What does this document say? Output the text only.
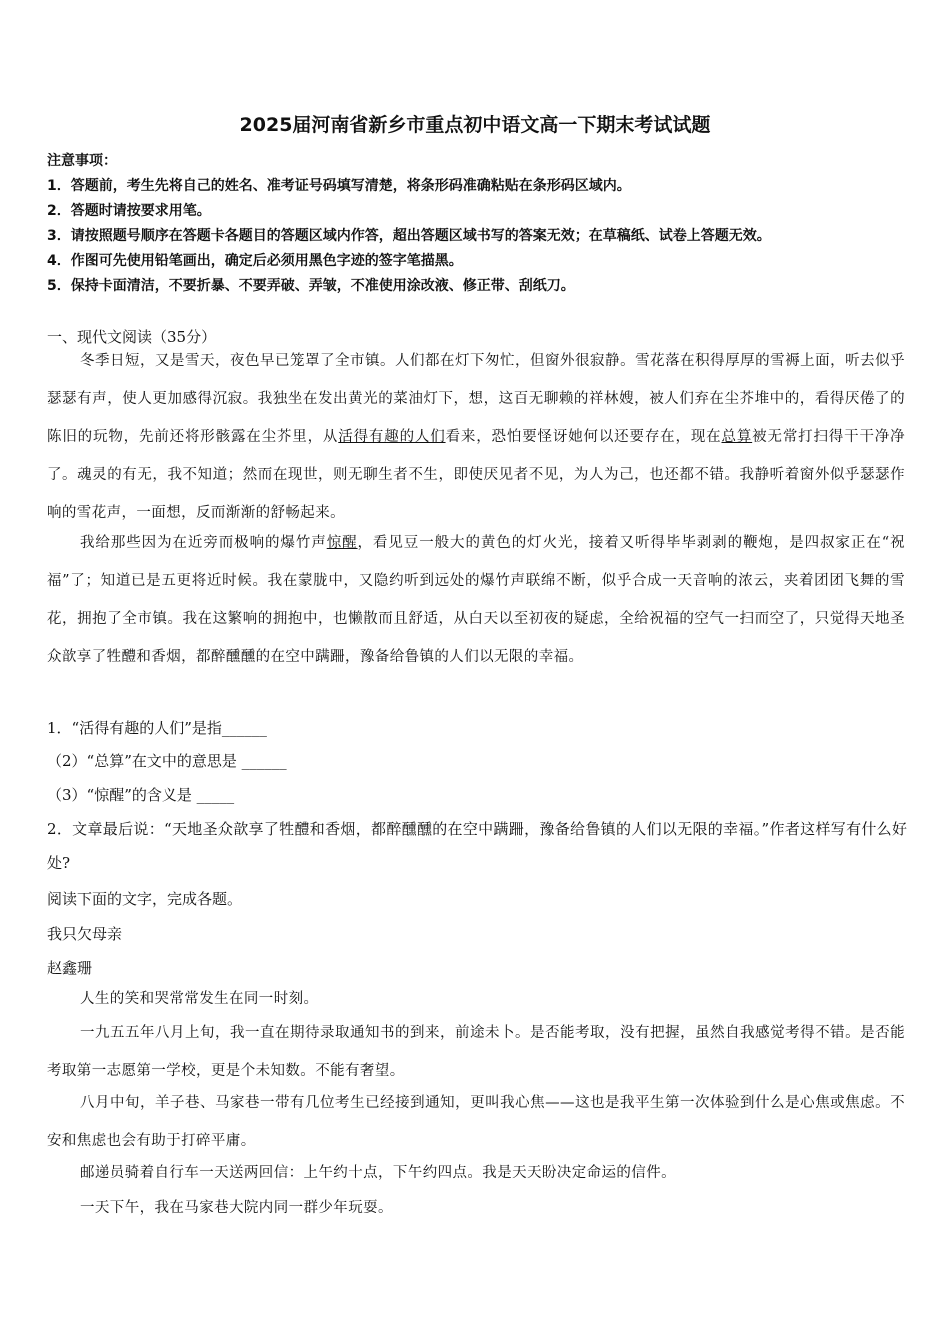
2025届河南省新乡市重点初中语文高一下期末考试试题
注意事项：
1．答题前，考生先将自己的姓名、准考证号码填写清楚，将条形码准确粘贴在条形码区域内。
2．答题时请按要求用笔。
3．请按照题号顺序在答题卡各题目的答题区域内作答，超出答题区域书写的答案无效；在草稿纸、试卷上答题无效。
4．作图可先使用铅笔画出，确定后必须用黑色字迹的签字笔描黑。
5．保持卡面清洁，不要折暴、不要弄破、弄皱，不准使用涂改液、修正带、刮纸刀。
一、现代文阅读（35分）
冬季日短，又是雪天，夜色早已笼罩了全市镇。人们都在灯下匆忙，但窗外很寂静。雪花落在积得厚厚的雪褥上面，听去似乎瑟瑟有声，使人更加感得沉寂。我独坐在发出黄光的菜油灯下，想，这百无聊赖的祥林嫂，被人们弃在尘芥堆中的，看得厌倦了的陈旧的玩物，先前还将形骸露在尘芥里，从活得有趣的人们看来，恐怕要怪讶她何以还要存在，现在总算被无常打扫得干干净净了。魂灵的有无，我不知道；然而在现世，则无聊生者不生，即使厌见者不见，为人为己，也还都不错。我静听着窗外似乎瑟瑟作响的雪花声，一面想，反而渐渐的舒畅起来。
我给那些因为在近旁而极响的爆竹声惊醒，看见豆一般大的黄色的灯火光，接着又听得毕毕剥剥的鞭炮，是四叔家正在“祝福”了；知道已是五更将近时候。我在蒙胧中，又隐约听到远处的爆竹声联绵不断，似乎合成一天音响的浓云，夹着团团飞舞的雪花，拥抱了全市镇。我在这繁响的拥抱中，也懒散而且舒适，从白天以至初夜的疑虑，全给祝福的空气一扫而空了，只觉得天地圣众歆享了牲醴和香烟，都醉醺醺的在空中蹒跚，豫备给鲁镇的人们以无限的幸福。
1．“活得有趣的人们”是指______
（2）“总算”在文中的意思是 ______
（3）“惊醒”的含义是 _____
2．文章最后说：“天地圣众歆享了牲醴和香烟，都醉醺醺的在空中蹒跚，豫备给鲁镇的人们以无限的幸福。”作者这样写有什么好处?
阅读下面的文字，完成各题。
我只欠母亲
赵鑫珊
人生的笑和哭常常发生在同一时刻。
一九五五年八月上旬，我一直在期待录取通知书的到来，前途未卜。是否能考取，没有把握，虽然自我感觉考得不错。是否能考取第一志愿第一学校，更是个未知数。不能有奢望。
八月中旬，羊子巷、马家巷一带有几位考生已经接到通知，更叫我心焦——这也是我平生第一次体验到什么是心焦或焦虑。不安和焦虑也会有助于打碎平庸。
邮递员骑着自行车一天送两回信：上午约十点，下午约四点。我是天天盼决定命运的信件。
一天下午，我在马家巷大院内同一群少年玩耍。
